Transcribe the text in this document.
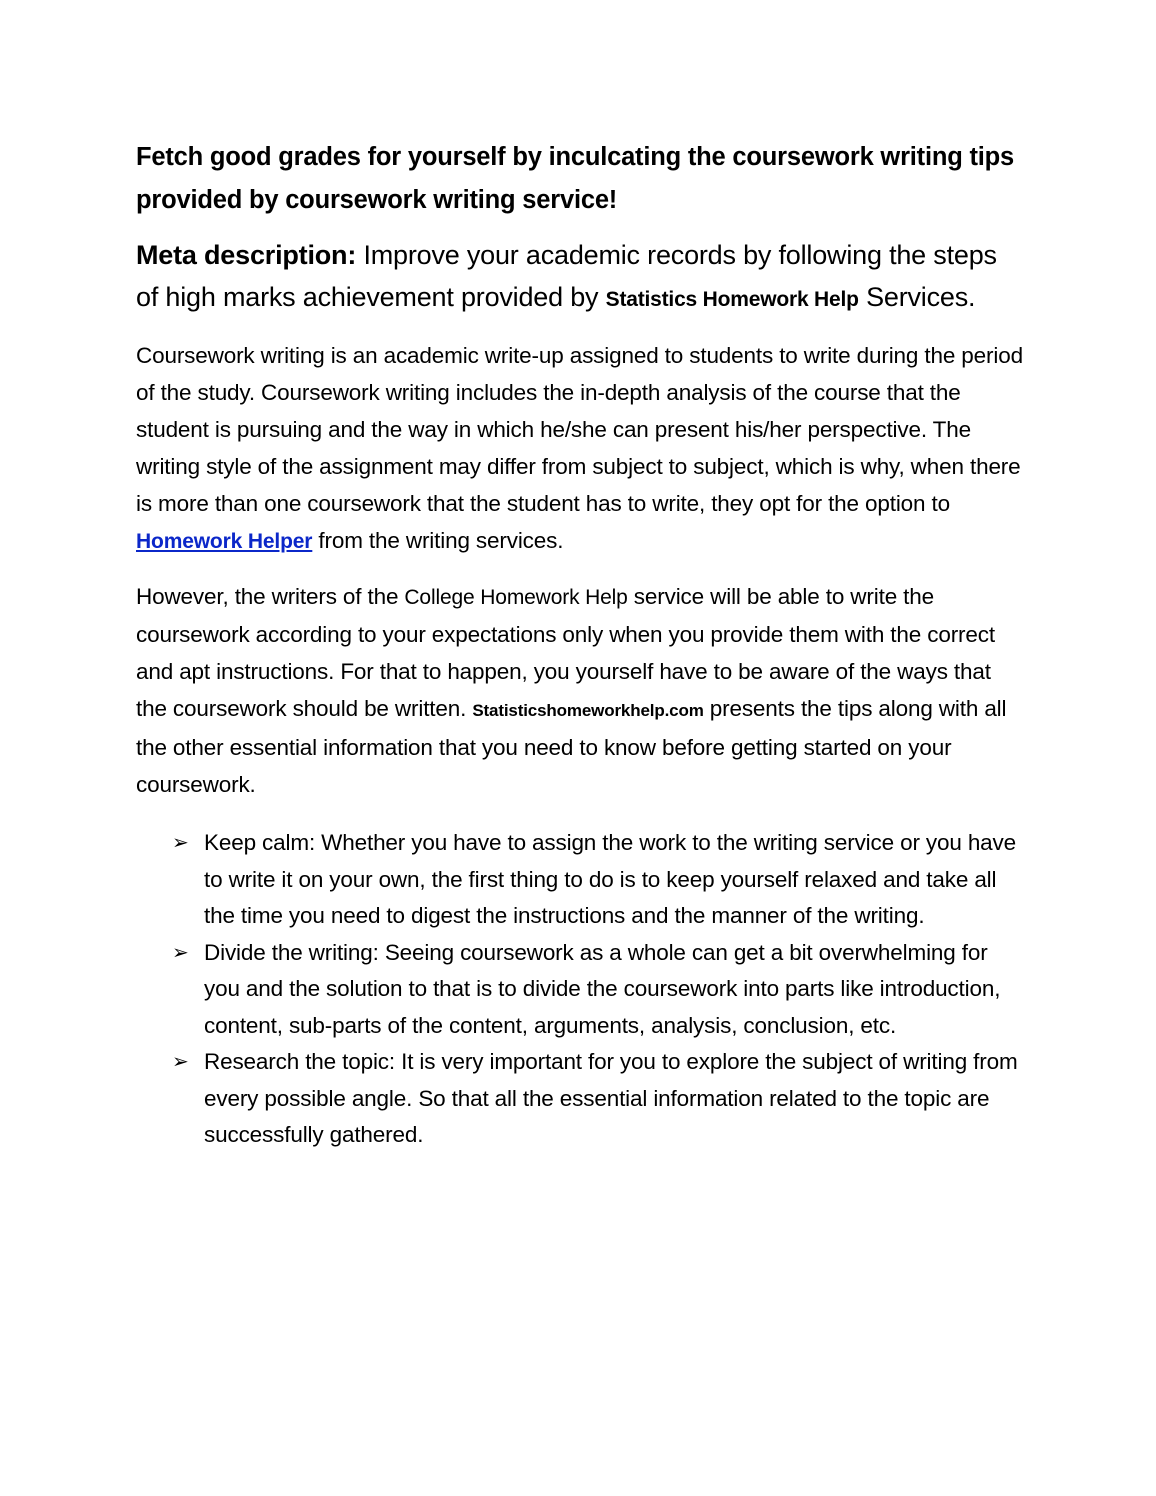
Fetch good grades for yourself by inculcating the coursework writing tips provided by coursework writing service!

Meta description: Improve your academic records by following the steps of high marks achievement provided by Statistics Homework Help Services.

Coursework writing is an academic write-up assigned to students to write during the period of the study. Coursework writing includes the in-depth analysis of the course that the student is pursuing and the way in which he/she can present his/her perspective. The writing style of the assignment may differ from subject to subject, which is why, when there is more than one coursework that the student has to write, they opt for the option to Homework Helper from the writing services.

However, the writers of the College Homework Help service will be able to write the coursework according to your expectations only when you provide them with the correct and apt instructions. For that to happen, you yourself have to be aware of the ways that the coursework should be written. Statisticshomeworkhelp.com presents the tips along with all the other essential information that you need to know before getting started on your coursework.

➢ Keep calm: Whether you have to assign the work to the writing service or you have to write it on your own, the first thing to do is to keep yourself relaxed and take all the time you need to digest the instructions and the manner of the writing.
➢ Divide the writing: Seeing coursework as a whole can get a bit overwhelming for you and the solution to that is to divide the coursework into parts like introduction, content, sub-parts of the content, arguments, analysis, conclusion, etc.
➢ Research the topic: It is very important for you to explore the subject of writing from every possible angle. So that all the essential information related to the topic are successfully gathered.
